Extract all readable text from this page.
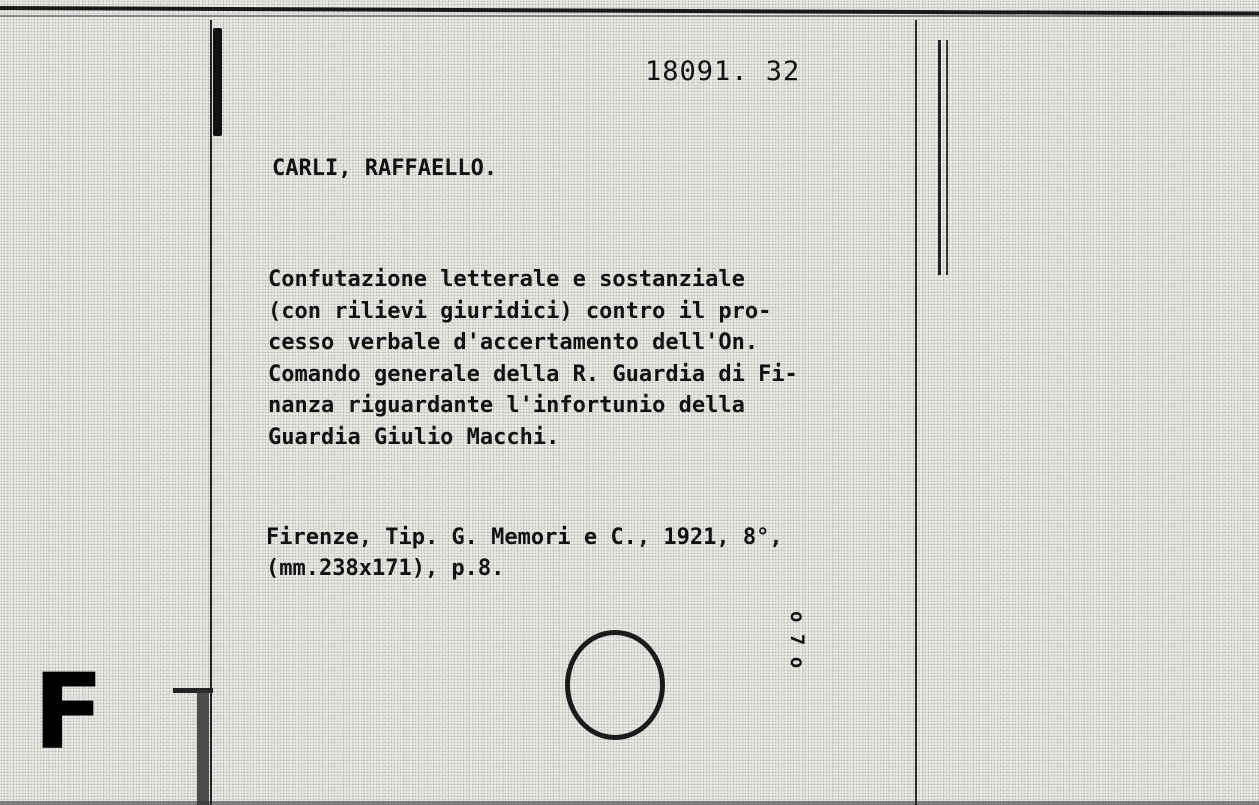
F
18091. 32
CARLI, RAFFAELLO.
Confutazione letterale e sostanziale
(con rilievi giuridici) contro il pro-
cesso verbale d'accertamento dell'On.
Comando generale della R. Guardia di Fi-
nanza riguardante l'infortunio della
Guardia Giulio Macchi.
Firenze, Tip. G. Memori e C., 1921, 8°,
(mm.238x171), p.8.
o 7 o
